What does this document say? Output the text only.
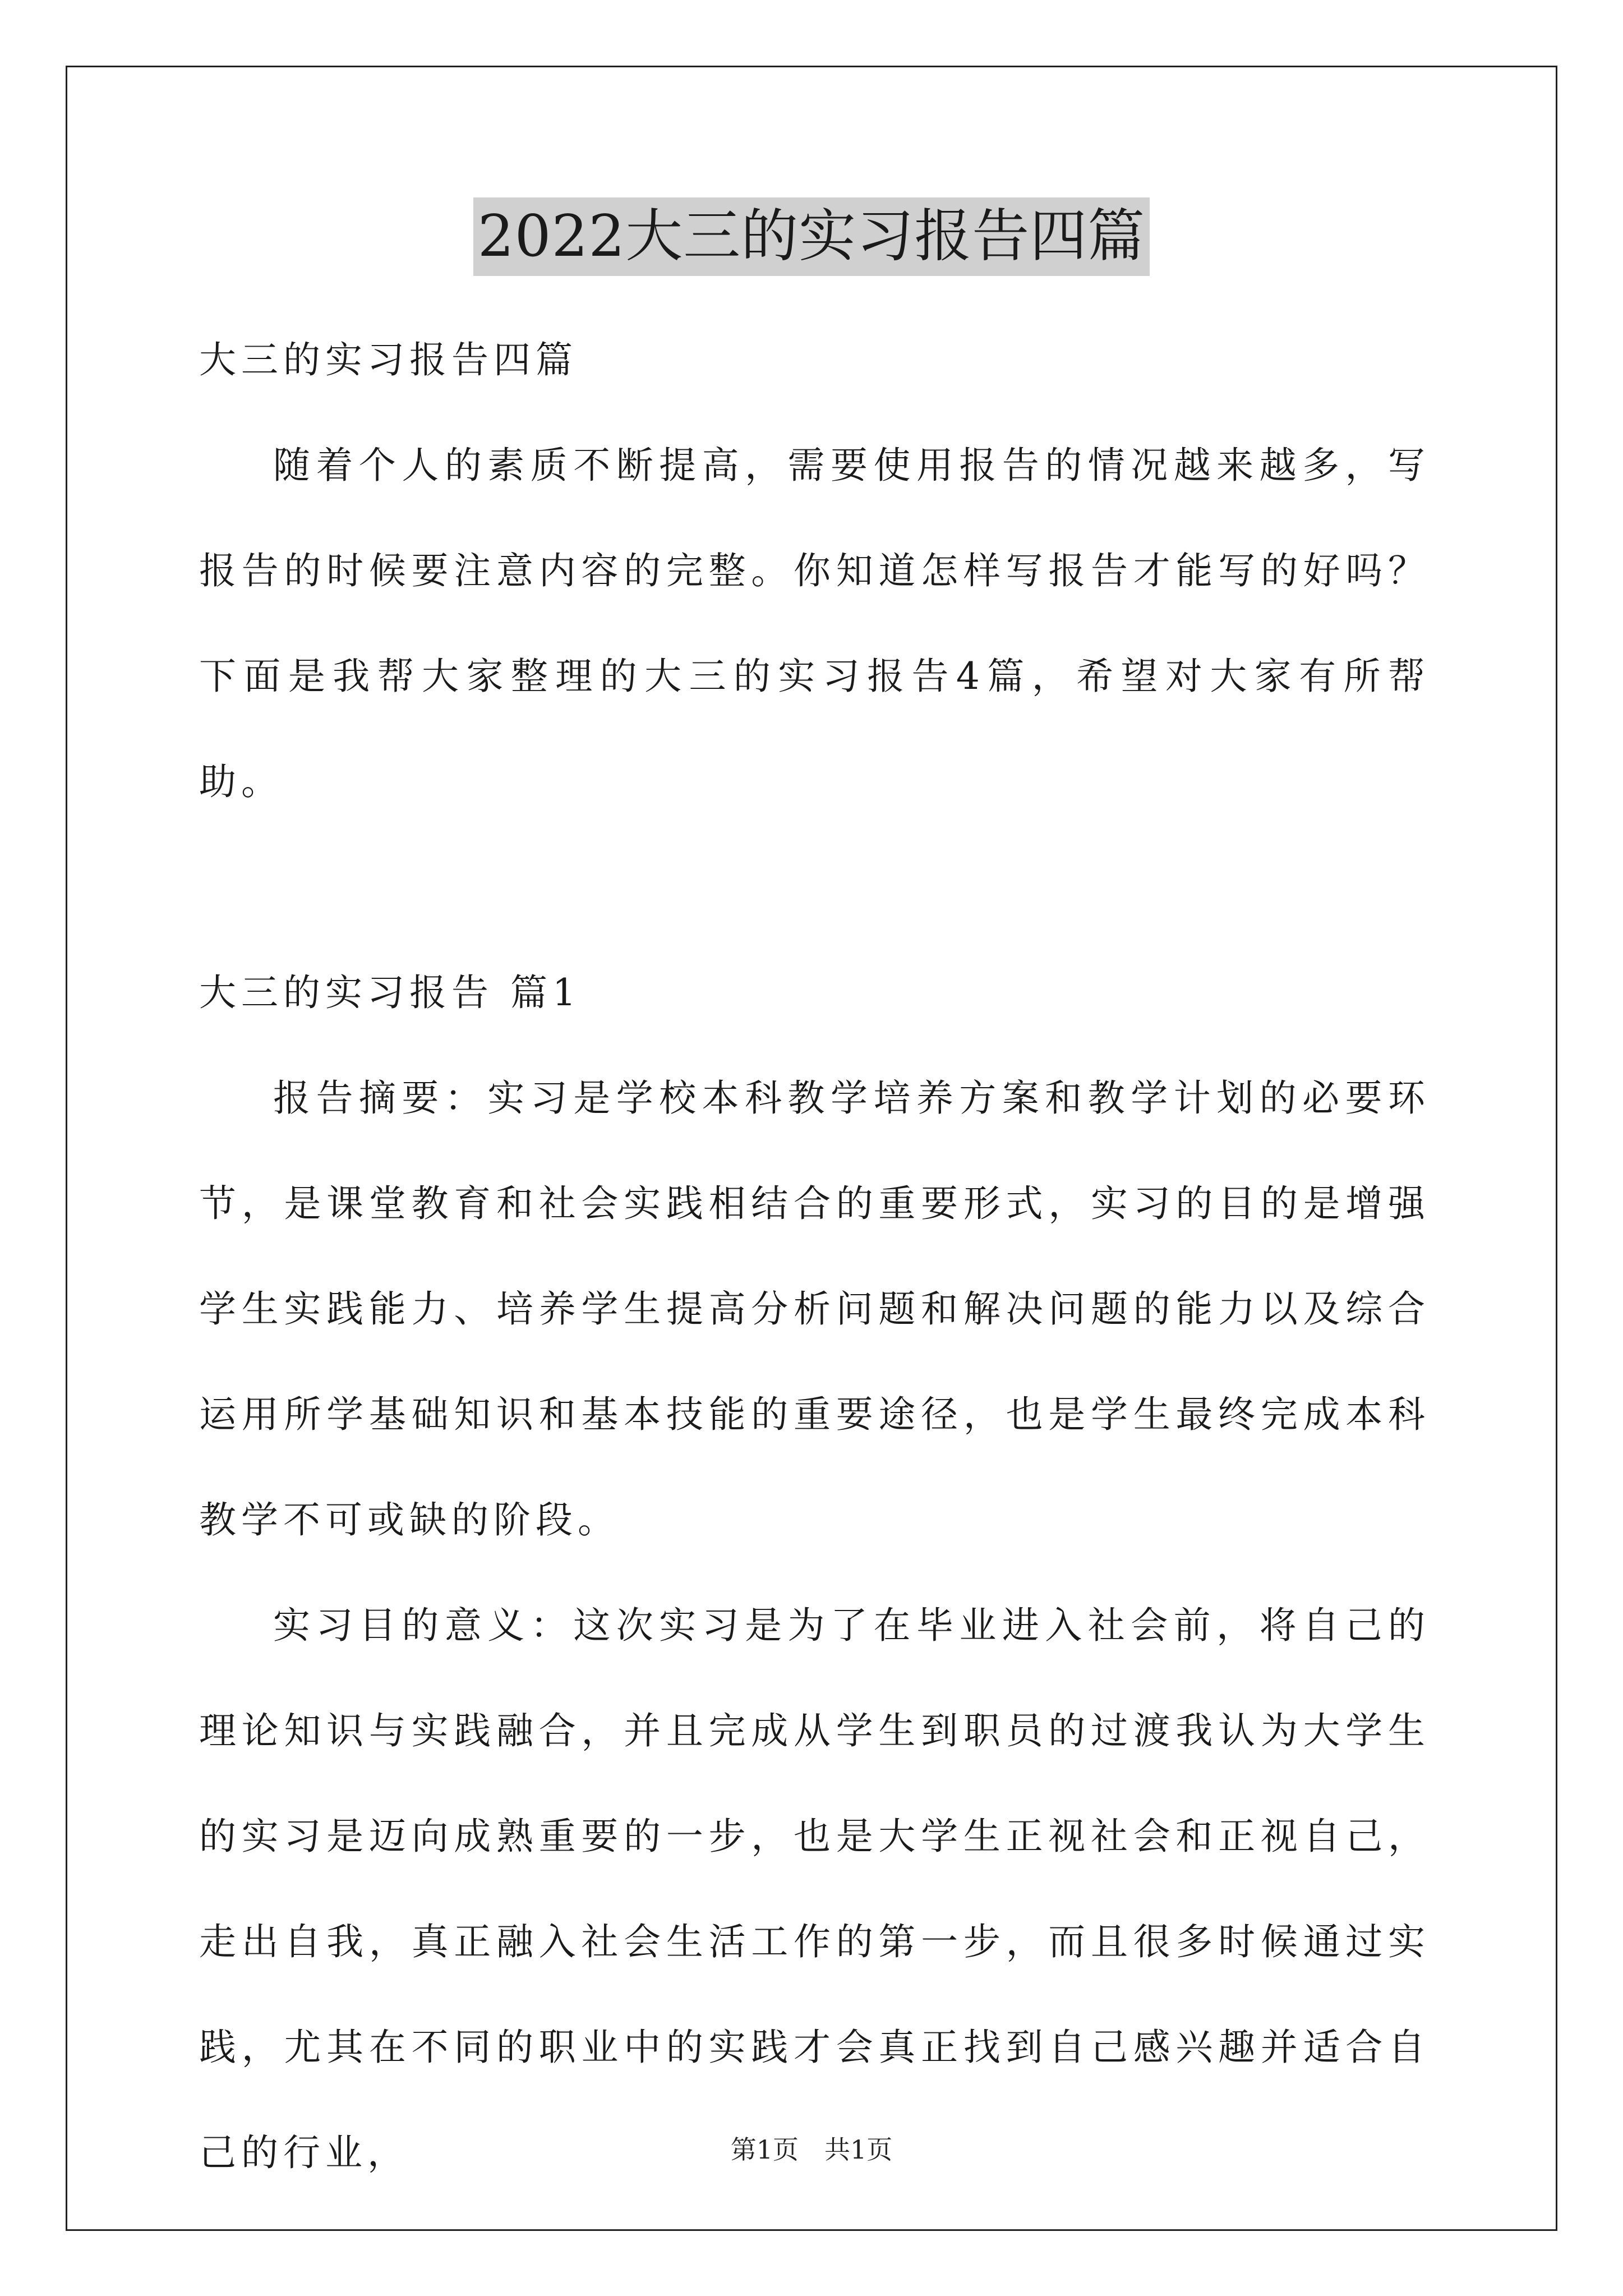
2022大三的实习报告四篇

大三的实习报告四篇

随着个人的素质不断提高，需要使用报告的情况越来越多，写报告的时候要注意内容的完整。你知道怎样写报告才能写的好吗？下面是我帮大家整理的大三的实习报告4篇，希望对大家有所帮助。

大三的实习报告 篇1

报告摘要：实习是学校本科教学培养方案和教学计划的必要环节，是课堂教育和社会实践相结合的重要形式，实习的目的是增强学生实践能力、培养学生提高分析问题和解决问题的能力以及综合运用所学基础知识和基本技能的重要途径，也是学生最终完成本科教学不可或缺的阶段。

实习目的意义：这次实习是为了在毕业进入社会前，将自己的理论知识与实践融合，并且完成从学生到职员的过渡我认为大学生的实习是迈向成熟重要的一步，也是大学生正视社会和正视自己，走出自我，真正融入社会生活工作的第一步，而且很多时候通过实践，尤其在不同的职业中的实践才会真正找到自己感兴趣并适合自己的行业，	第1页　共1页
